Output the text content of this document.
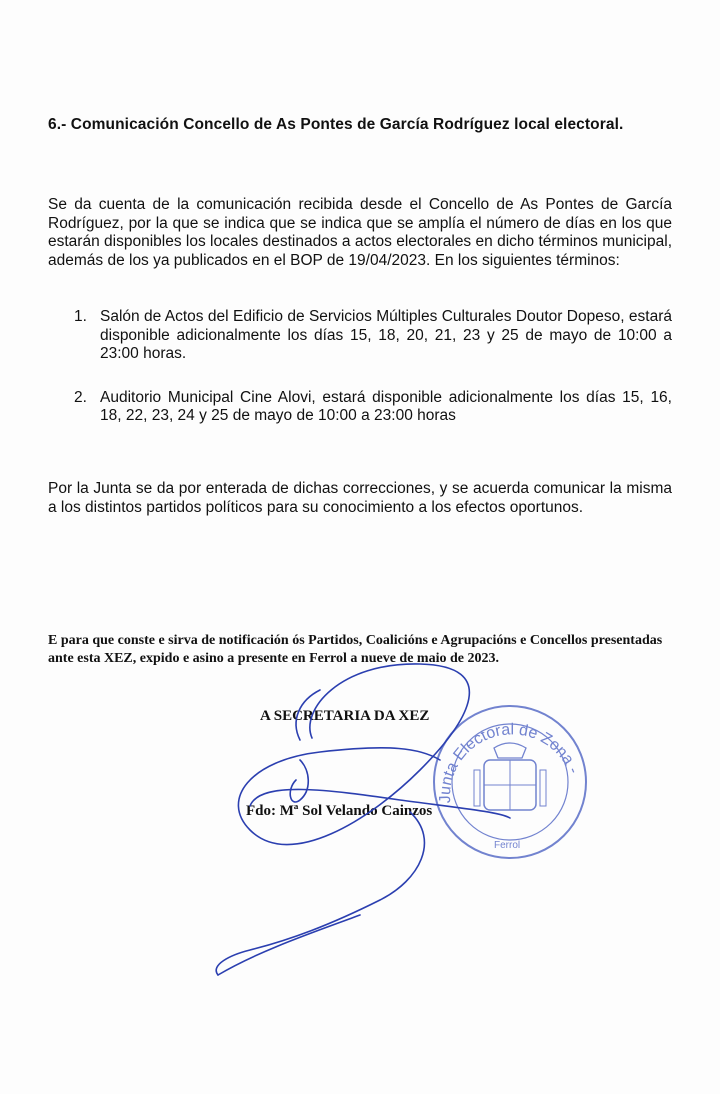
6.- Comunicación Concello de As Pontes de García Rodríguez local electoral.
Se da cuenta de la comunicación recibida desde el Concello de As Pontes de García Rodríguez, por la que se indica que se indica que se amplía el número de días en los que estarán disponibles los locales destinados a actos electorales en dicho términos municipal, además de los ya publicados en el BOP de 19/04/2023. En los siguientes términos:
1. Salón de Actos del Edificio de Servicios Múltiples Culturales Doutor Dopeso, estará disponible adicionalmente los días 15, 18, 20, 21, 23 y 25 de mayo de 10:00 a 23:00 horas.
2. Auditorio Municipal Cine Alovi, estará disponible adicionalmente los días 15, 16, 18, 22, 23, 24 y 25 de mayo de 10:00 a 23:00 horas
Por la Junta se da por enterada de dichas correcciones, y se acuerda comunicar la misma a los distintos partidos políticos para su conocimiento a los efectos oportunos.
E para que conste e sirva de notificación ós Partidos, Coalicións e Agrupacións e Concellos presentadas ante esta XEZ, expido e asino a presente en Ferrol a nueve de maio de 2023.
A SECRETARIA DA XEZ
Fdo: Mª Sol Velando Cainzos
Junta Electoral de Zona -
Ferrol
